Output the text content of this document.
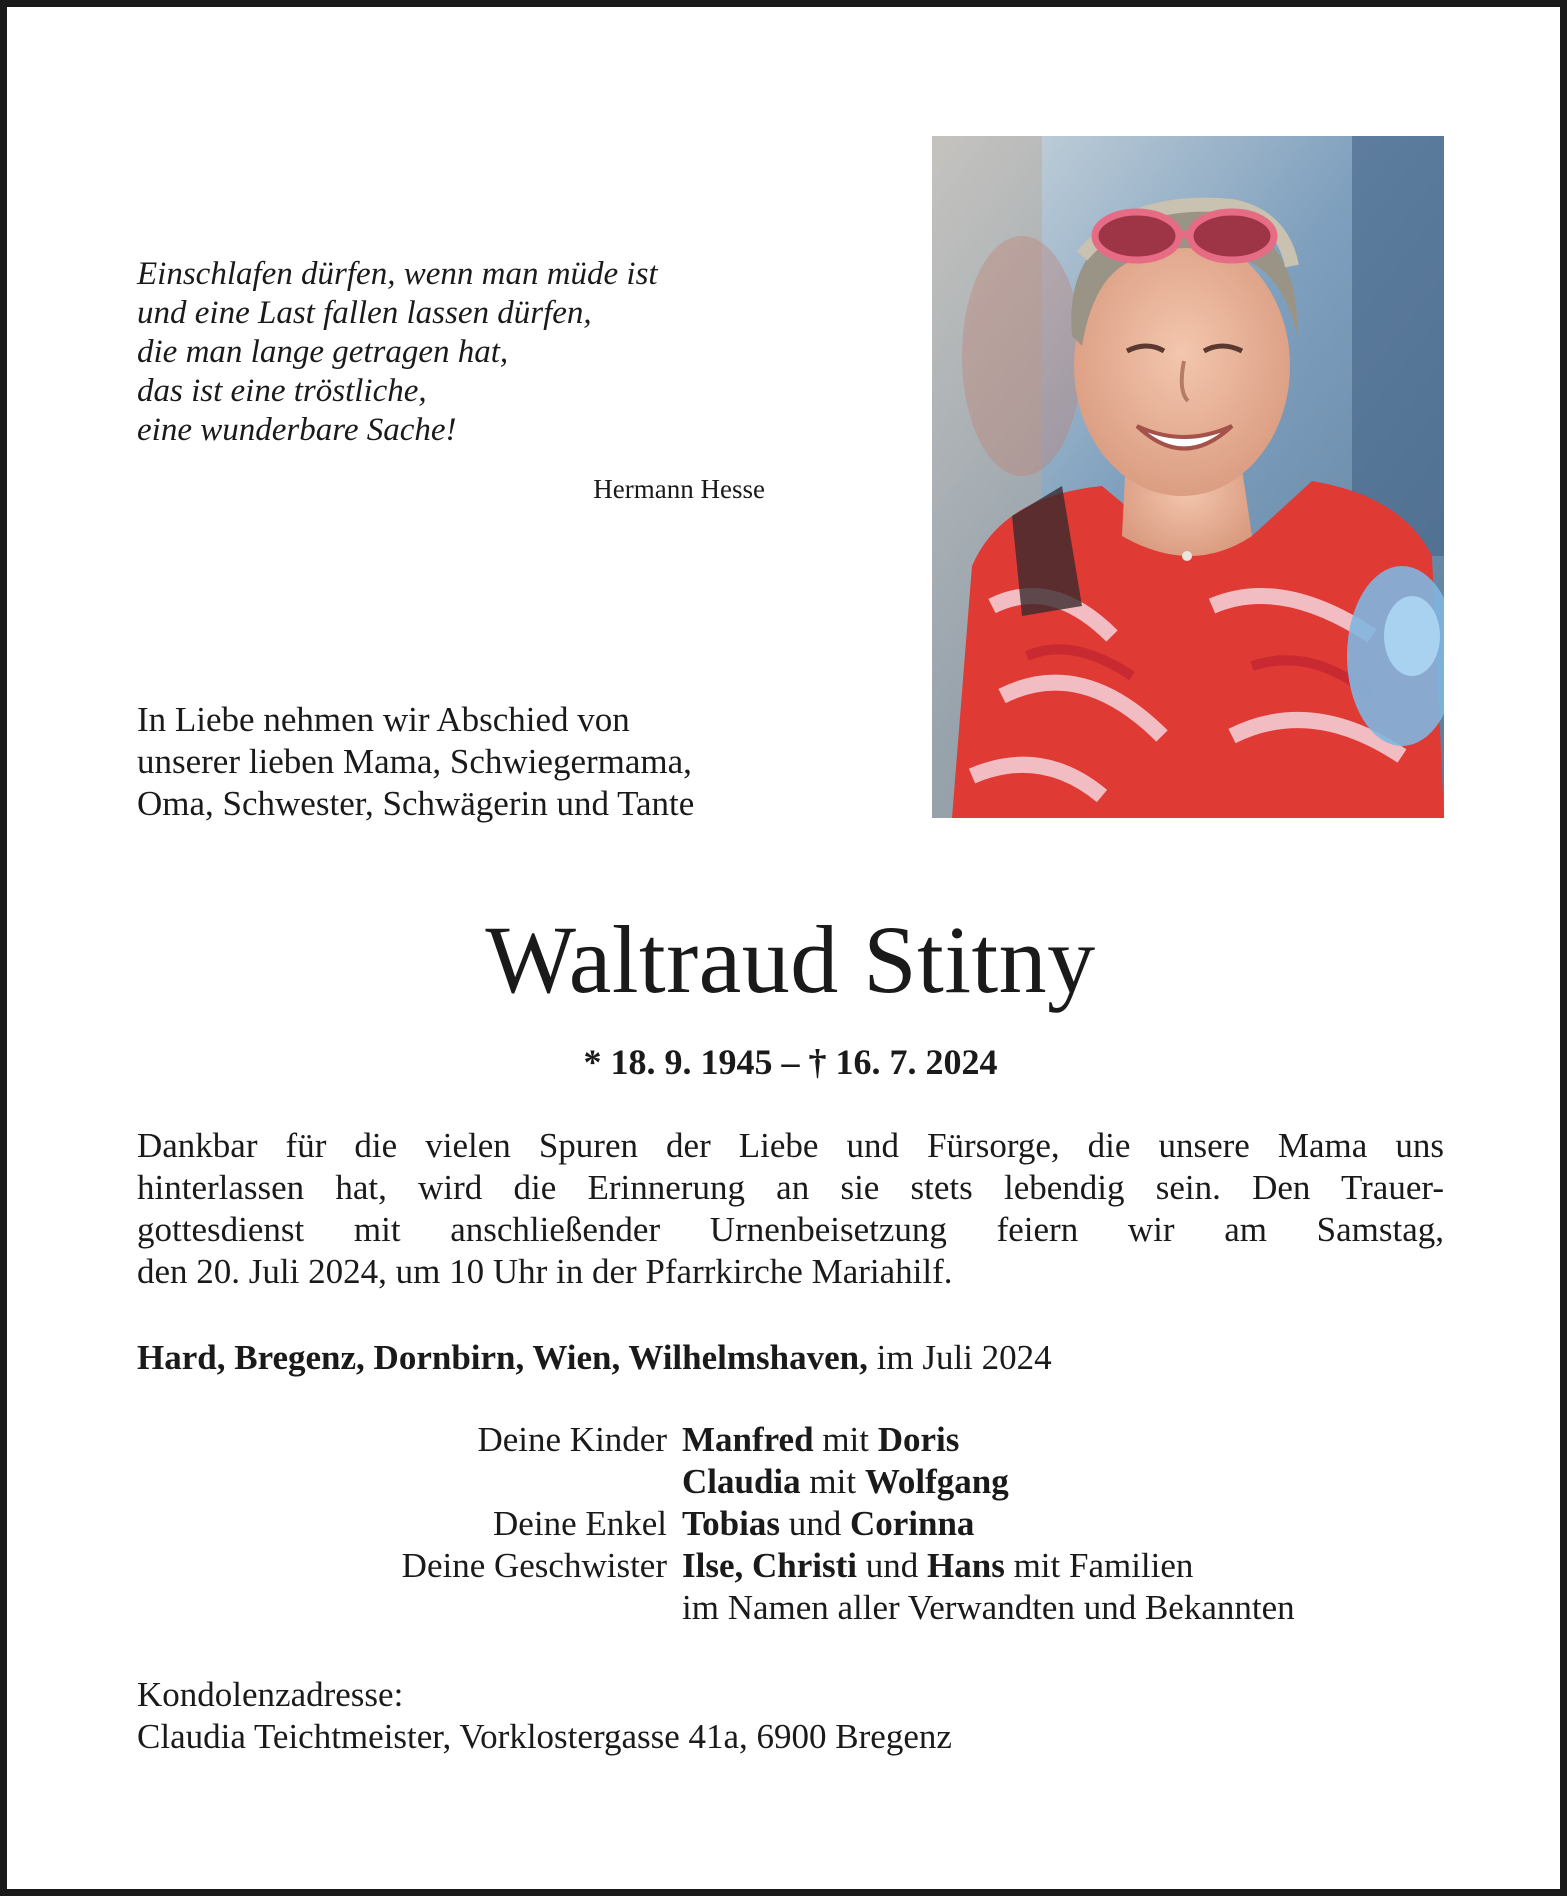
Einschlafen dürfen, wenn man müde ist
und eine Last fallen lassen dürfen,
die man lange getragen hat,
das ist eine tröstliche,
eine wunderbare Sache!
Hermann Hesse
In Liebe nehmen wir Abschied von
unserer lieben Mama, Schwiegermama,
Oma, Schwester, Schwägerin und Tante
Waltraud Stitny
* 18. 9. 1945 – † 16. 7. 2024
Dankbar für die vielen Spuren der Liebe und Fürsorge, die unsere Mama uns
hinterlassen hat, wird die Erinnerung an sie stets lebendig sein. Den Trauer-
gottesdienst mit anschließender Urnenbeisetzung feiern wir am Samstag,
den 20. Juli 2024, um 10 Uhr in der Pfarrkirche Mariahilf.
Hard, Bregenz, Dornbirn, Wien, Wilhelmshaven, im Juli 2024
Deine Kinder Manfred mit Doris
Claudia mit Wolfgang
Deine Enkel Tobias und Corinna
Deine Geschwister Ilse, Christi und Hans mit Familien
im Namen aller Verwandten und Bekannten
Kondolenzadresse:
Claudia Teichtmeister, Vorklostergasse 41a, 6900 Bregenz
